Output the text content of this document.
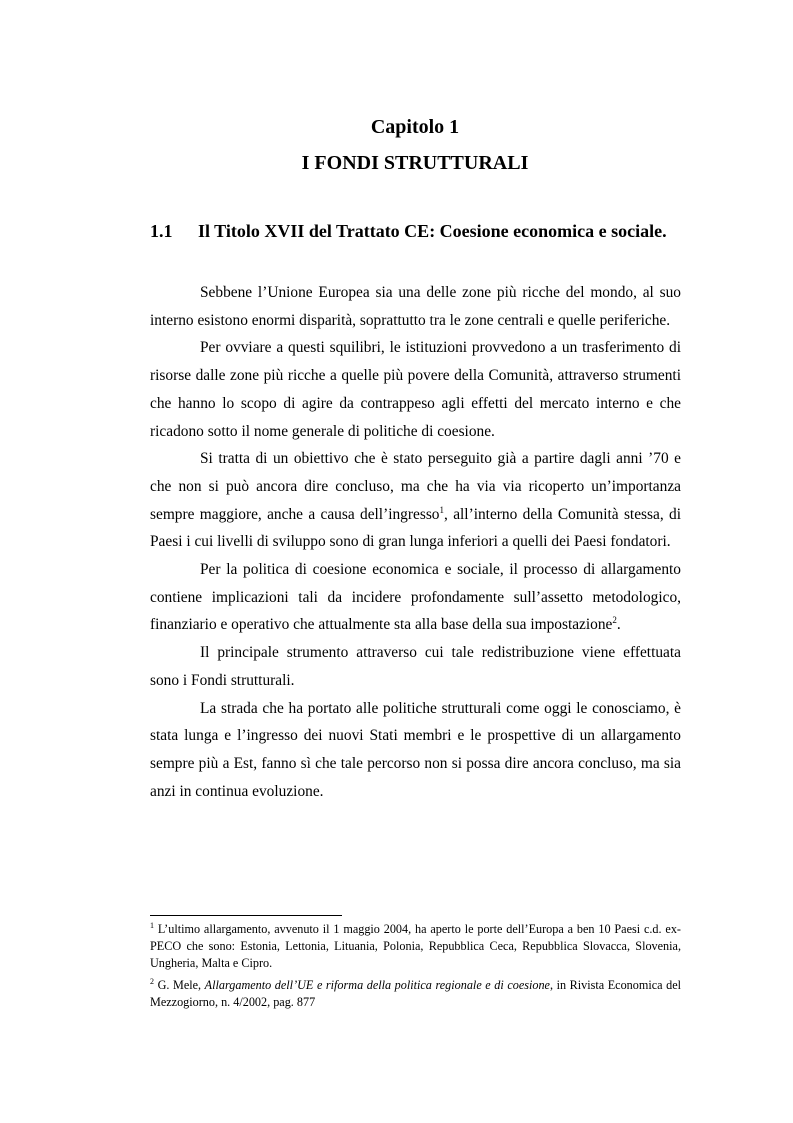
Capitolo 1
I FONDI STRUTTURALI
1.1 Il Titolo XVII del Trattato CE: Coesione economica e sociale.

Sebbene l’Unione Europea sia una delle zone più ricche del mondo, al suo interno esistono enormi disparità, soprattutto tra le zone centrali e quelle periferiche.

Per ovviare a questi squilibri, le istituzioni provvedono a un trasferimento di risorse dalle zone più ricche a quelle più povere della Comunità, attraverso strumenti che hanno lo scopo di agire da contrappeso agli effetti del mercato interno e che ricadono sotto il nome generale di politiche di coesione.

Si tratta di un obiettivo che è stato perseguito già a partire dagli anni ’70 e che non si può ancora dire concluso, ma che ha via via ricoperto un’importanza sempre maggiore, anche a causa dell’ingresso$^1$, all’interno della Comunità stessa, di Paesi i cui livelli di sviluppo sono di gran lunga inferiori a quelli dei Paesi fondatori.

Per la politica di coesione economica e sociale, il processo di allargamento contiene implicazioni tali da incidere profondamente sull’assetto metodologico, finanziario e operativo che attualmente sta alla base della sua impostazione$^2$.

Il principale strumento attraverso cui tale redistribuzione viene effettuata sono i Fondi strutturali.

La strada che ha portato alle politiche strutturali come oggi le conosciamo, è stata lunga e l’ingresso dei nuovi Stati membri e le prospettive di un allargamento sempre più a Est, fanno sì che tale percorso non si possa dire ancora concluso, ma sia anzi in continua evoluzione.

$^1$ L’ultimo allargamento, avvenuto il 1 maggio 2004, ha aperto le porte dell’Europa a ben 10 Paesi c.d. ex-PECO che sono: Estonia, Lettonia, Lituania, Polonia, Repubblica Ceca, Repubblica Slovacca, Slovenia, Ungheria, Malta e Cipro.

$^2$ G. Mele, Allargamento dell’UE e riforma della politica regionale e di coesione, in Rivista Economica del Mezzogiorno, n. 4/2002, pag. 877
